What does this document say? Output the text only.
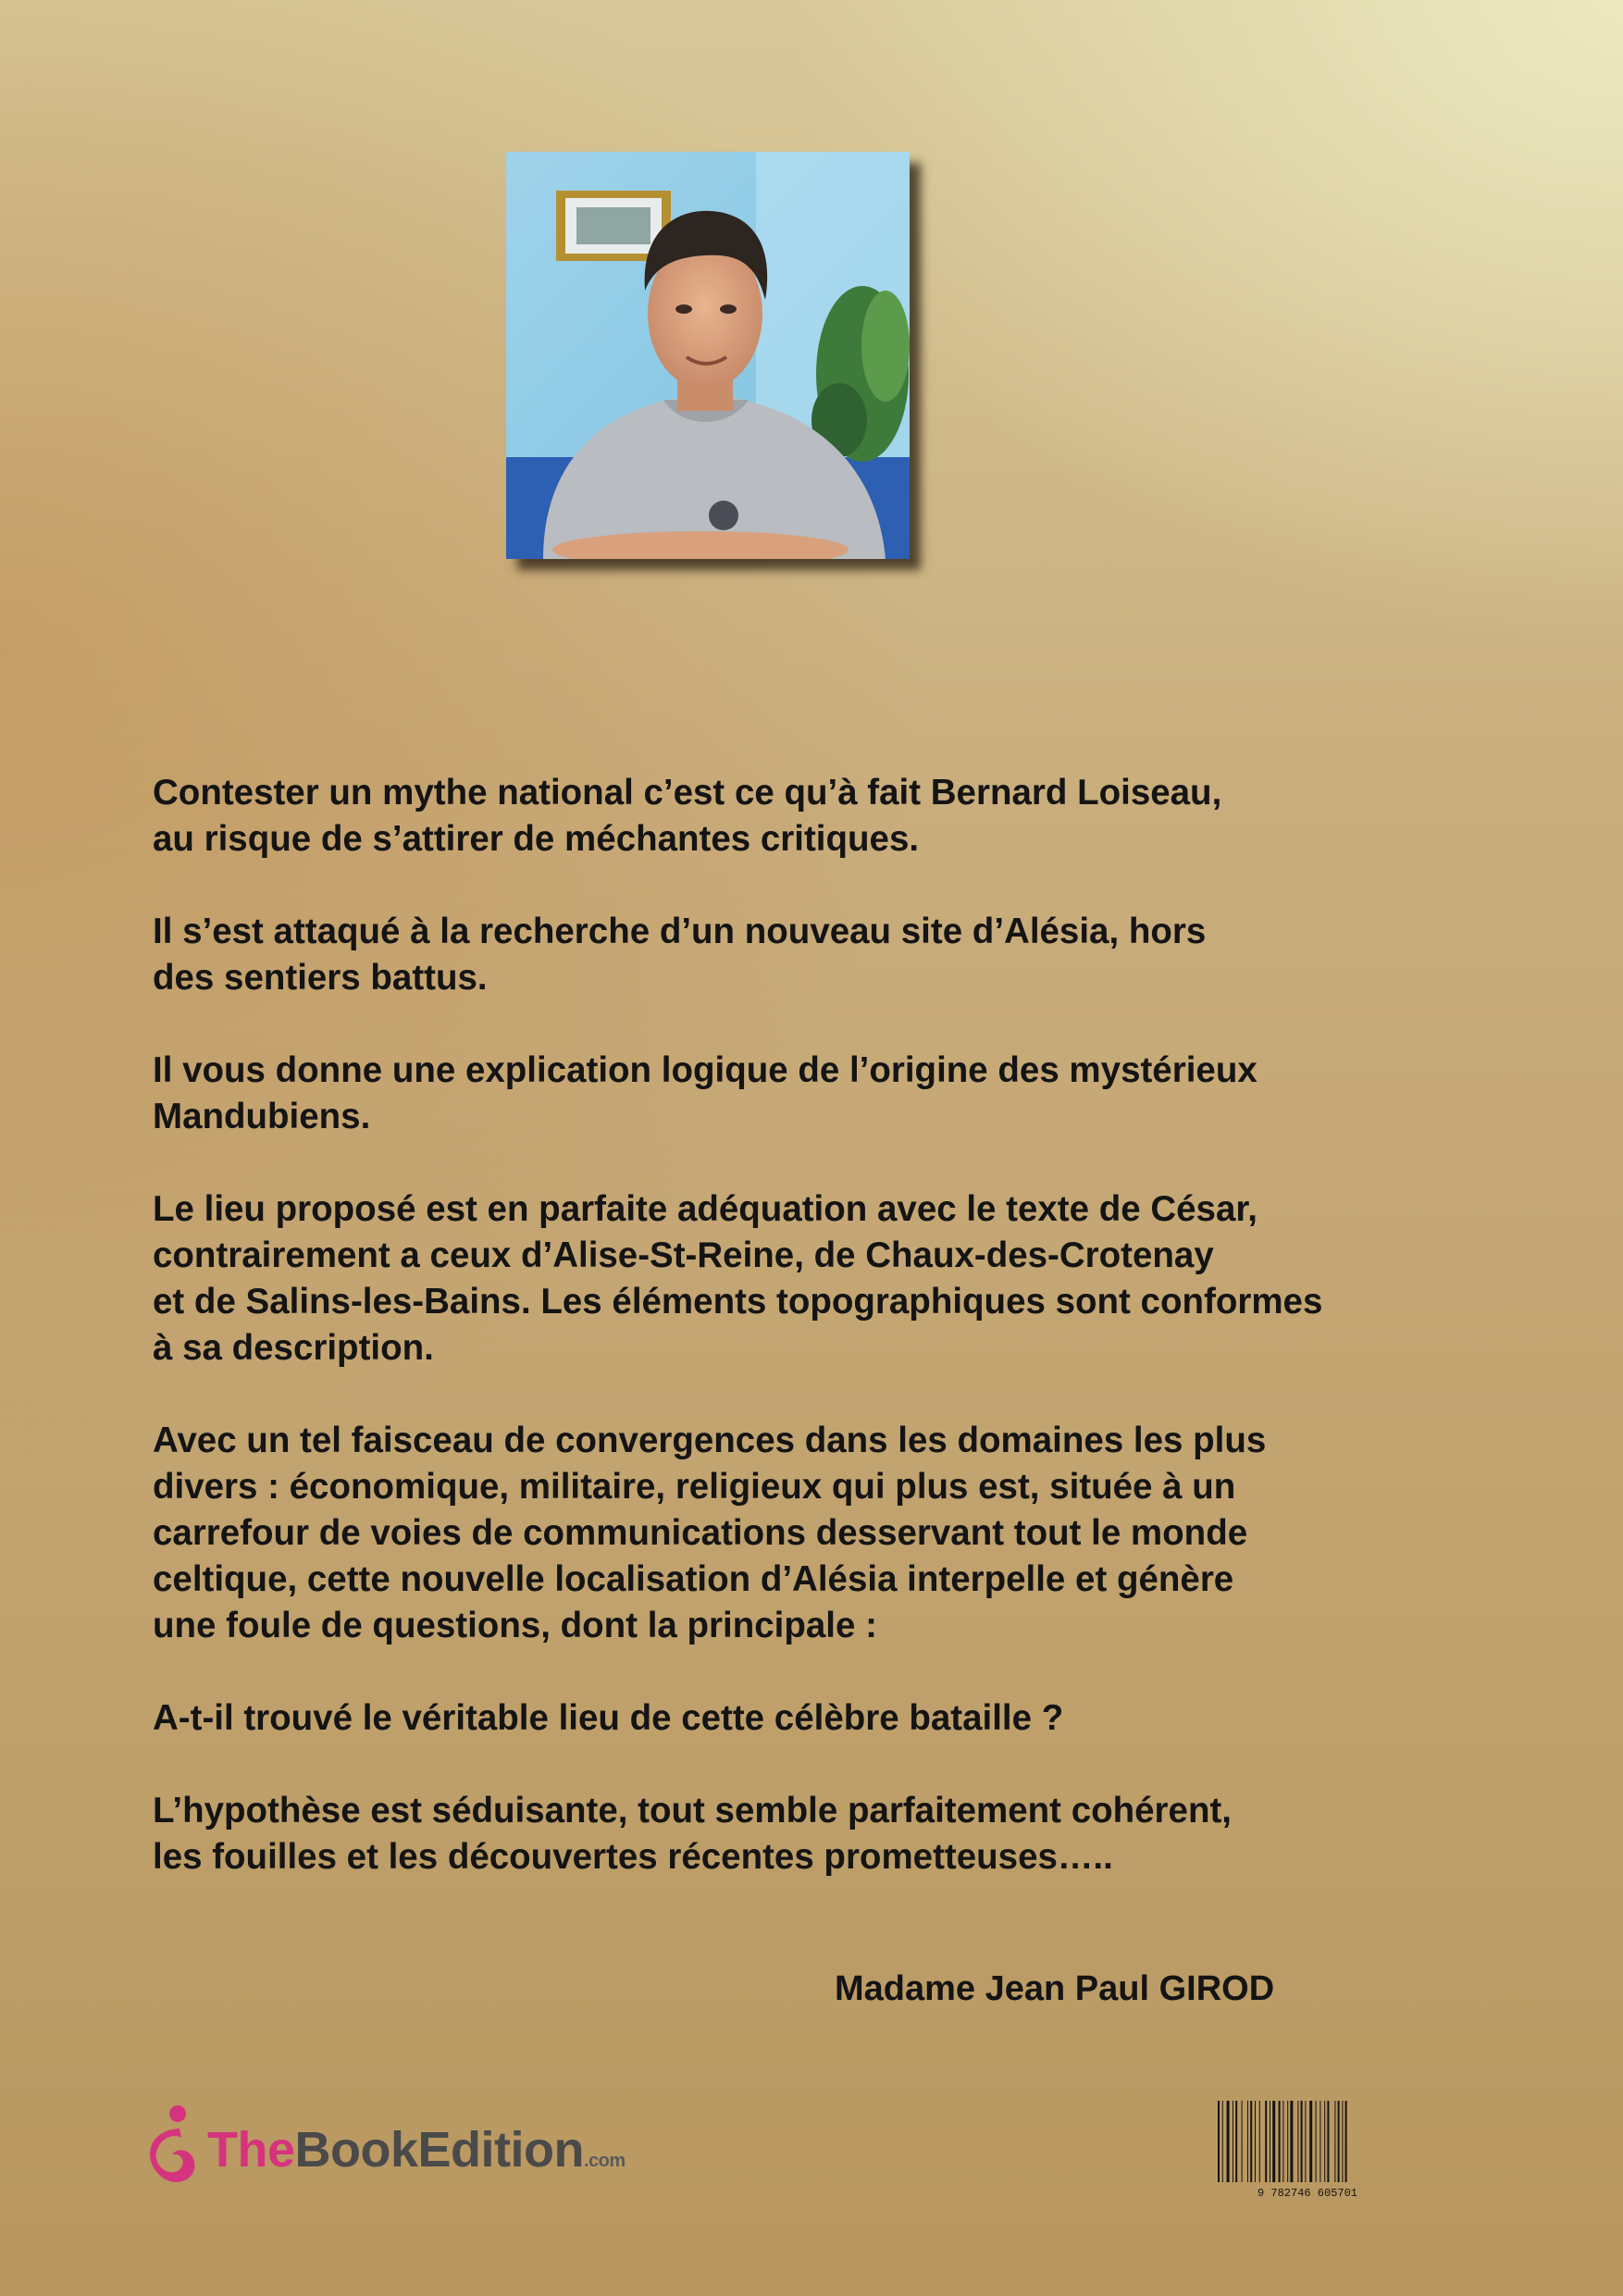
Contester un mythe national c’est ce qu’à fait Bernard Loiseau,
au risque de s’attirer de méchantes critiques.

Il s’est attaqué à la recherche d’un nouveau site d’Alésia, hors
des sentiers battus.

Il vous donne une explication logique de l’origine des mystérieux
Mandubiens.

Le lieu proposé est en parfaite adéquation avec le texte de César,
contrairement a ceux d’Alise-St-Reine, de Chaux-des-Crotenay
et de Salins-les-Bains. Les éléments topographiques sont conformes
à sa description.

Avec un tel faisceau de convergences dans les domaines les plus
divers : économique, militaire, religieux qui plus est, située à un
carrefour de voies de communications desservant tout le monde
celtique, cette nouvelle localisation d’Alésia interpelle et génère
une foule de questions, dont la principale :

A-t-il trouvé le véritable lieu de cette célèbre bataille ?

L’hypothèse est séduisante, tout semble parfaitement cohérent,
les fouilles et les découvertes récentes prometteuses…..

Madame Jean Paul GIROD
TheBookEdition.com
9 782746 605701
